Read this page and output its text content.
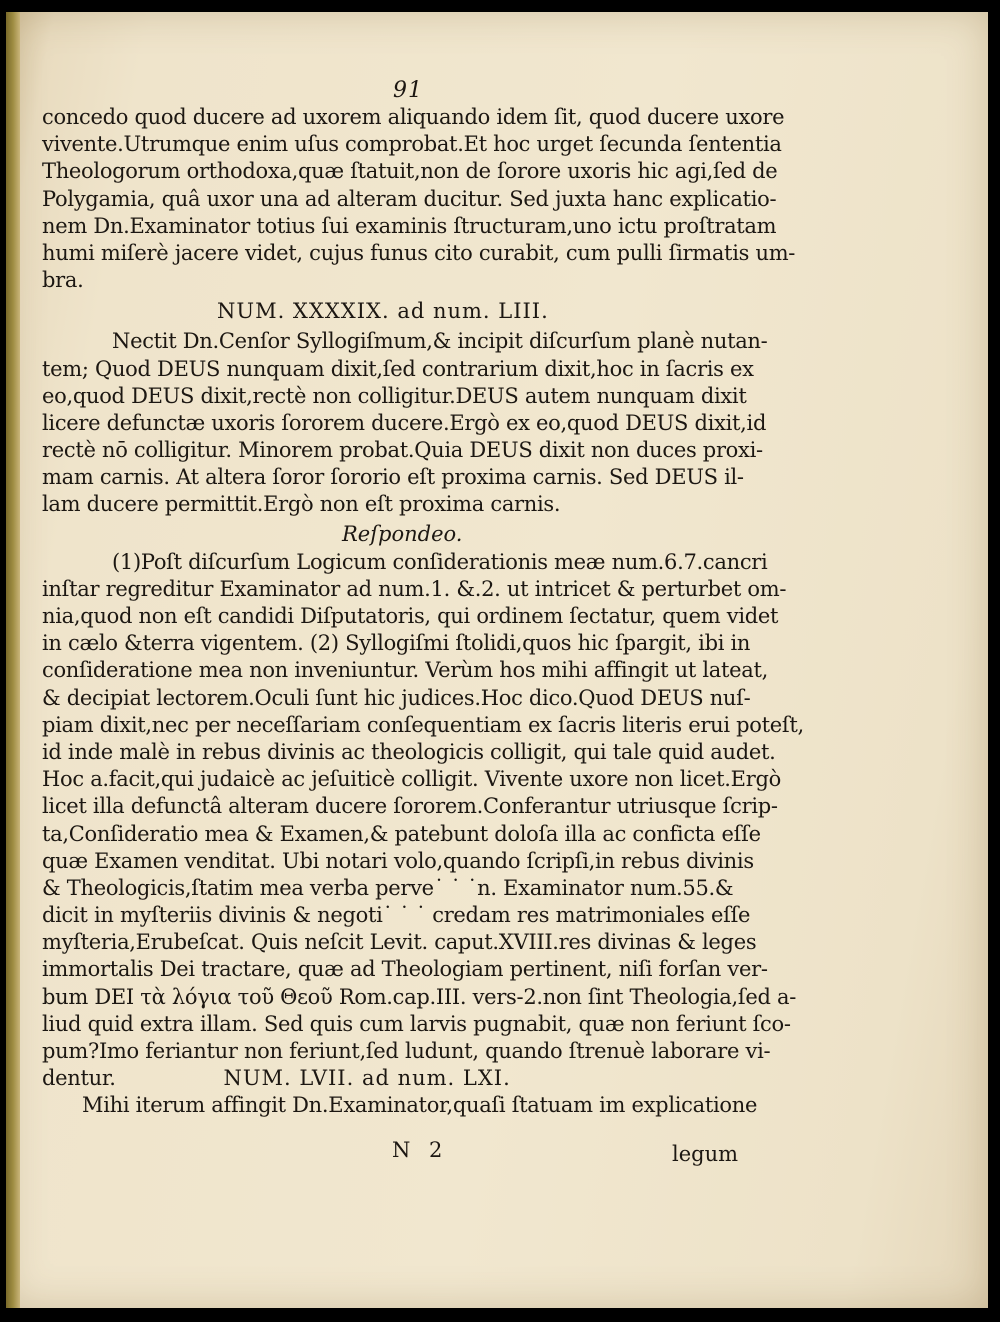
91
concedo quod ducere ad uxorem aliquando idem ſit, quod ducere uxore
vivente.Utrumque enim uſus comprobat.Et hoc urget ſecunda ſententia
Theologorum orthodoxa,quæ ſtatuit,non de ſorore uxoris hic agi,ſed de
Polygamia, quâ uxor una ad alteram ducitur. Sed juxta hanc explicatio-
nem Dn.Examinator totius ſui examinis ſtructuram,uno ictu proſtratam
humi miſerè jacere videt, cujus funus cito curabit, cum pulli ſirmatis um-
bra.
NUM. XXXXIX. ad num. LIII.
Nectit Dn.Cenſor Syllogiſmum,& incipit diſcurſum planè nutan-
tem; Quod DEUS nunquam dixit,ſed contrarium dixit,hoc in ſacris ex
eo,quod DEUS dixit,rectè non colligitur.DEUS autem nunquam dixit
licere defunctæ uxoris ſororem ducere.Ergò ex eo,quod DEUS dixit,id
rectè nō colligitur. Minorem probat.Quia DEUS dixit non duces proxi-
mam carnis. At altera ſoror ſororio eſt proxima carnis. Sed DEUS il-
lam ducere permittit.Ergò non eſt proxima carnis.
Reſpondeo.
(1)Poſt diſcurſum Logicum conſiderationis meæ num.6.7.cancri
inſtar regreditur Examinator ad num.1. &.2. ut intricet & perturbet om-
nia,quod non eſt candidi Diſputatoris, qui ordinem ſectatur, quem videt
in cælo &terra vigentem. (2) Syllogiſmi ſtolidi,quos hic ſpargit, ibi in
conſideratione mea non inveniuntur. Verùm hos mihi affingit ut lateat,
& decipiat lectorem.Oculi ſunt hic judices.Hoc dico.Quod DEUS nuſ-
piam dixit,nec per neceſſariam conſequentiam ex ſacris literis erui poteſt,
id inde malè in rebus divinis ac theologicis colligit, qui tale quid audet.
Hoc a.facit,qui judaicè ac jeſuiticè colligit. Vivente uxore non licet.Ergò
licet illa defunctâ alteram ducere ſororem.Conferantur utriusque ſcrip-
ta,Conſideratio mea & Examen,& patebunt doloſa illa ac conficta eſſe
quæ Examen venditat. Ubi notari volo,quando ſcripſi,in rebus divinis
& Theologicis,ſtatim mea verba perve˙ ˙ ˙n. Examinator num.55.&
dicit in myſteriis divinis & negoti˙ ˙ ˙ credam res matrimoniales eſſe
myſteria,Erubeſcat. Quis neſcit Levit. caput.XVIII.res divinas & leges
immortalis Dei tractare, quæ ad Theologiam pertinent, niſi forſan ver-
bum DEI τὰ λόγια τοῦ Θεοῦ Rom.cap.III. vers-2.non ſint Theologia,ſed a-
liud quid extra illam. Sed quis cum larvis pugnabit, quæ non feriunt ſco-
pum?Imo feriantur non feriunt,ſed ludunt, quando ſtrenuè laborare vi-
dentur.	NUM. LVII. ad num. LXI.
Mihi iterum affingit Dn.Examinator,quaſi ſtatuam im explicatione
N 2	legum
